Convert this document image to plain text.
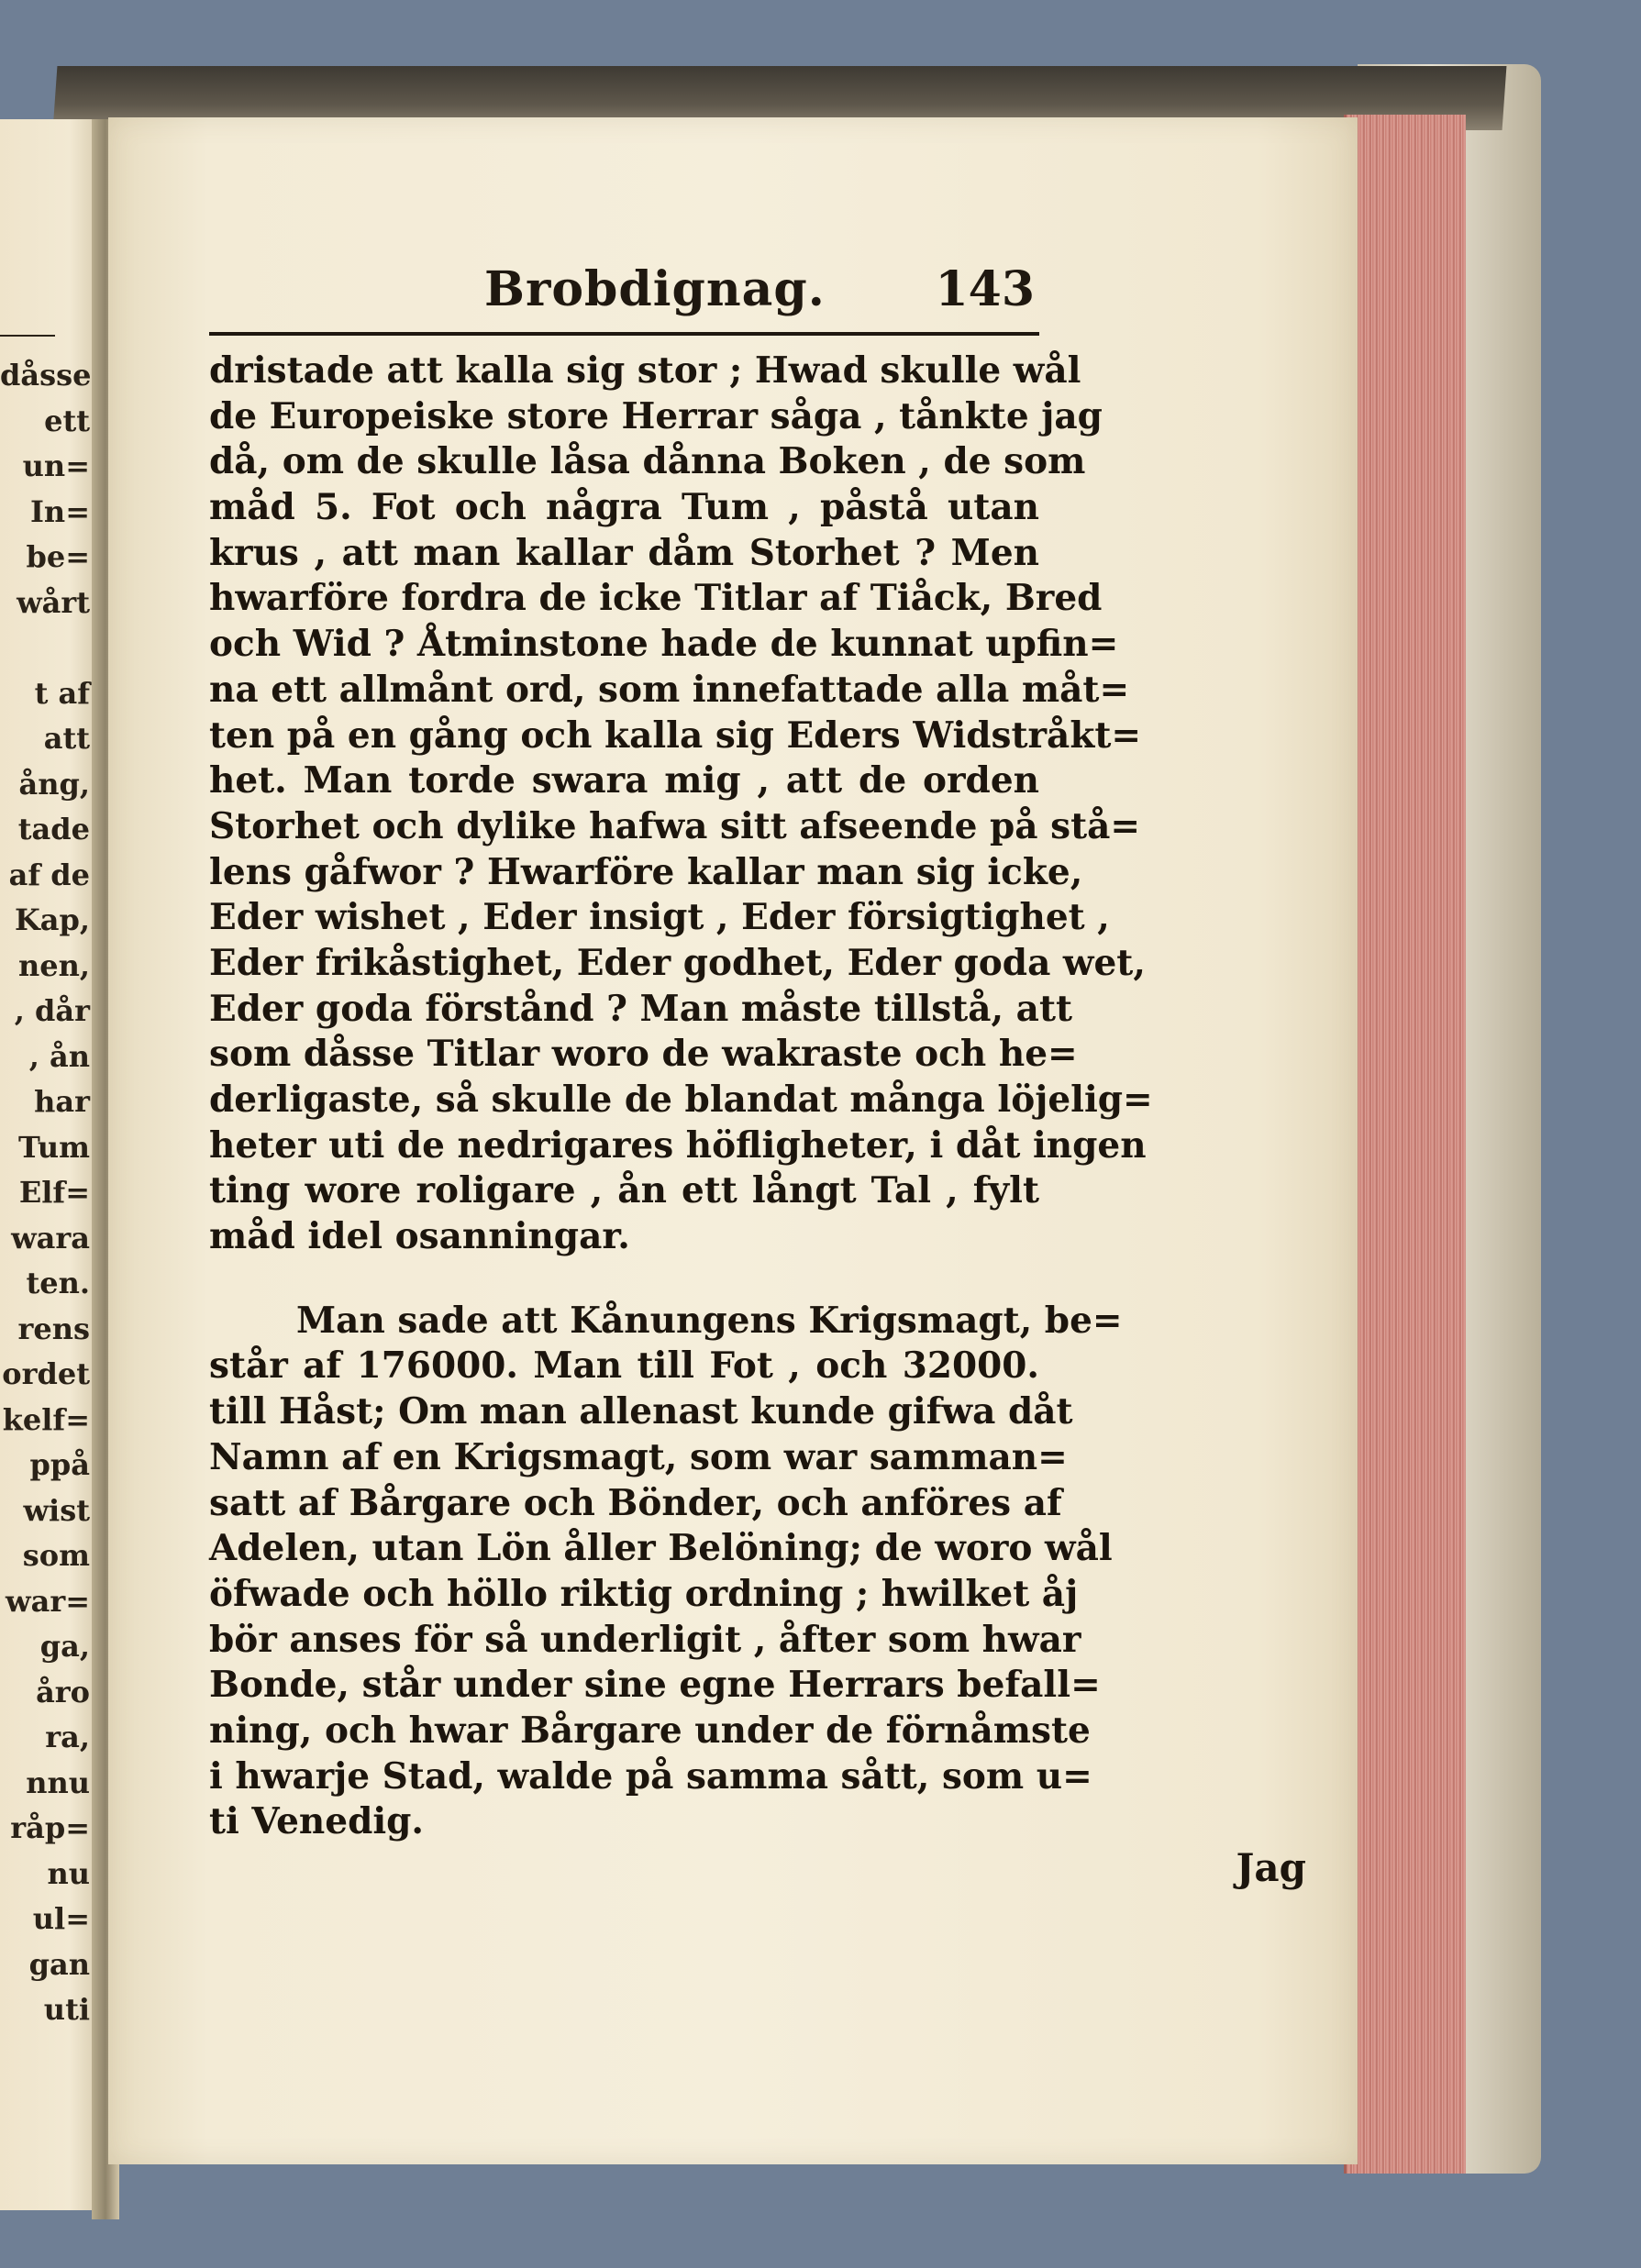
dåsse
ett
un=
In=
be=
wårt
t af
att
ång,
tade
af de
Kap,
nen,
, dår
, ån
har
Tum
Elf=
wara
ten.
rens
ordet
kelf=
ppå
wist
som
war=
ga,
åro
ra,
nnu
råp=
nu
ul=
gan
uti
Brobdignag. 143
dristade att kalla sig stor ; Hwad skulle wål
de Europeiske store Herrar såga , tånkte jag
då, om de skulle låsa dånna Boken , de som
måd 5. Fot och några Tum , påstå utan
krus , att man kallar dåm Storhet ? Men
hwarföre fordra de icke Titlar af Tiåck, Bred
och Wid ? Åtminstone hade de kunnat upfin=
na ett allmånt ord, som innefattade alla måt=
ten på en gång och kalla sig Eders Widstråkt=
het. Man torde swara mig , att de orden
Storhet och dylike hafwa sitt afseende på stå=
lens gåfwor ? Hwarföre kallar man sig icke,
Eder wishet , Eder insigt , Eder försigtighet ,
Eder frikåstighet, Eder godhet, Eder goda wet,
Eder goda förstånd ? Man måste tillstå, att
som dåsse Titlar woro de wakraste och he=
derligaste, så skulle de blandat många löjelig=
heter uti de nedrigares höfligheter, i dåt ingen
ting wore roligare , ån ett långt Tal , fylt
måd idel osanningar.
Man sade att Kånungens Krigsmagt, be=
står af 176000. Man till Fot , och 32000.
till Håst; Om man allenast kunde gifwa dåt
Namn af en Krigsmagt, som war samman=
satt af Bårgare och Bönder, och anföres af
Adelen, utan Lön åller Belöning; de woro wål
öfwade och höllo riktig ordning ; hwilket åj
bör anses för så underligit , åfter som hwar
Bonde, står under sine egne Herrars befall=
ning, och hwar Bårgare under de förnåmste
i hwarje Stad, walde på samma sått, som u=
ti Venedig.
Jag
